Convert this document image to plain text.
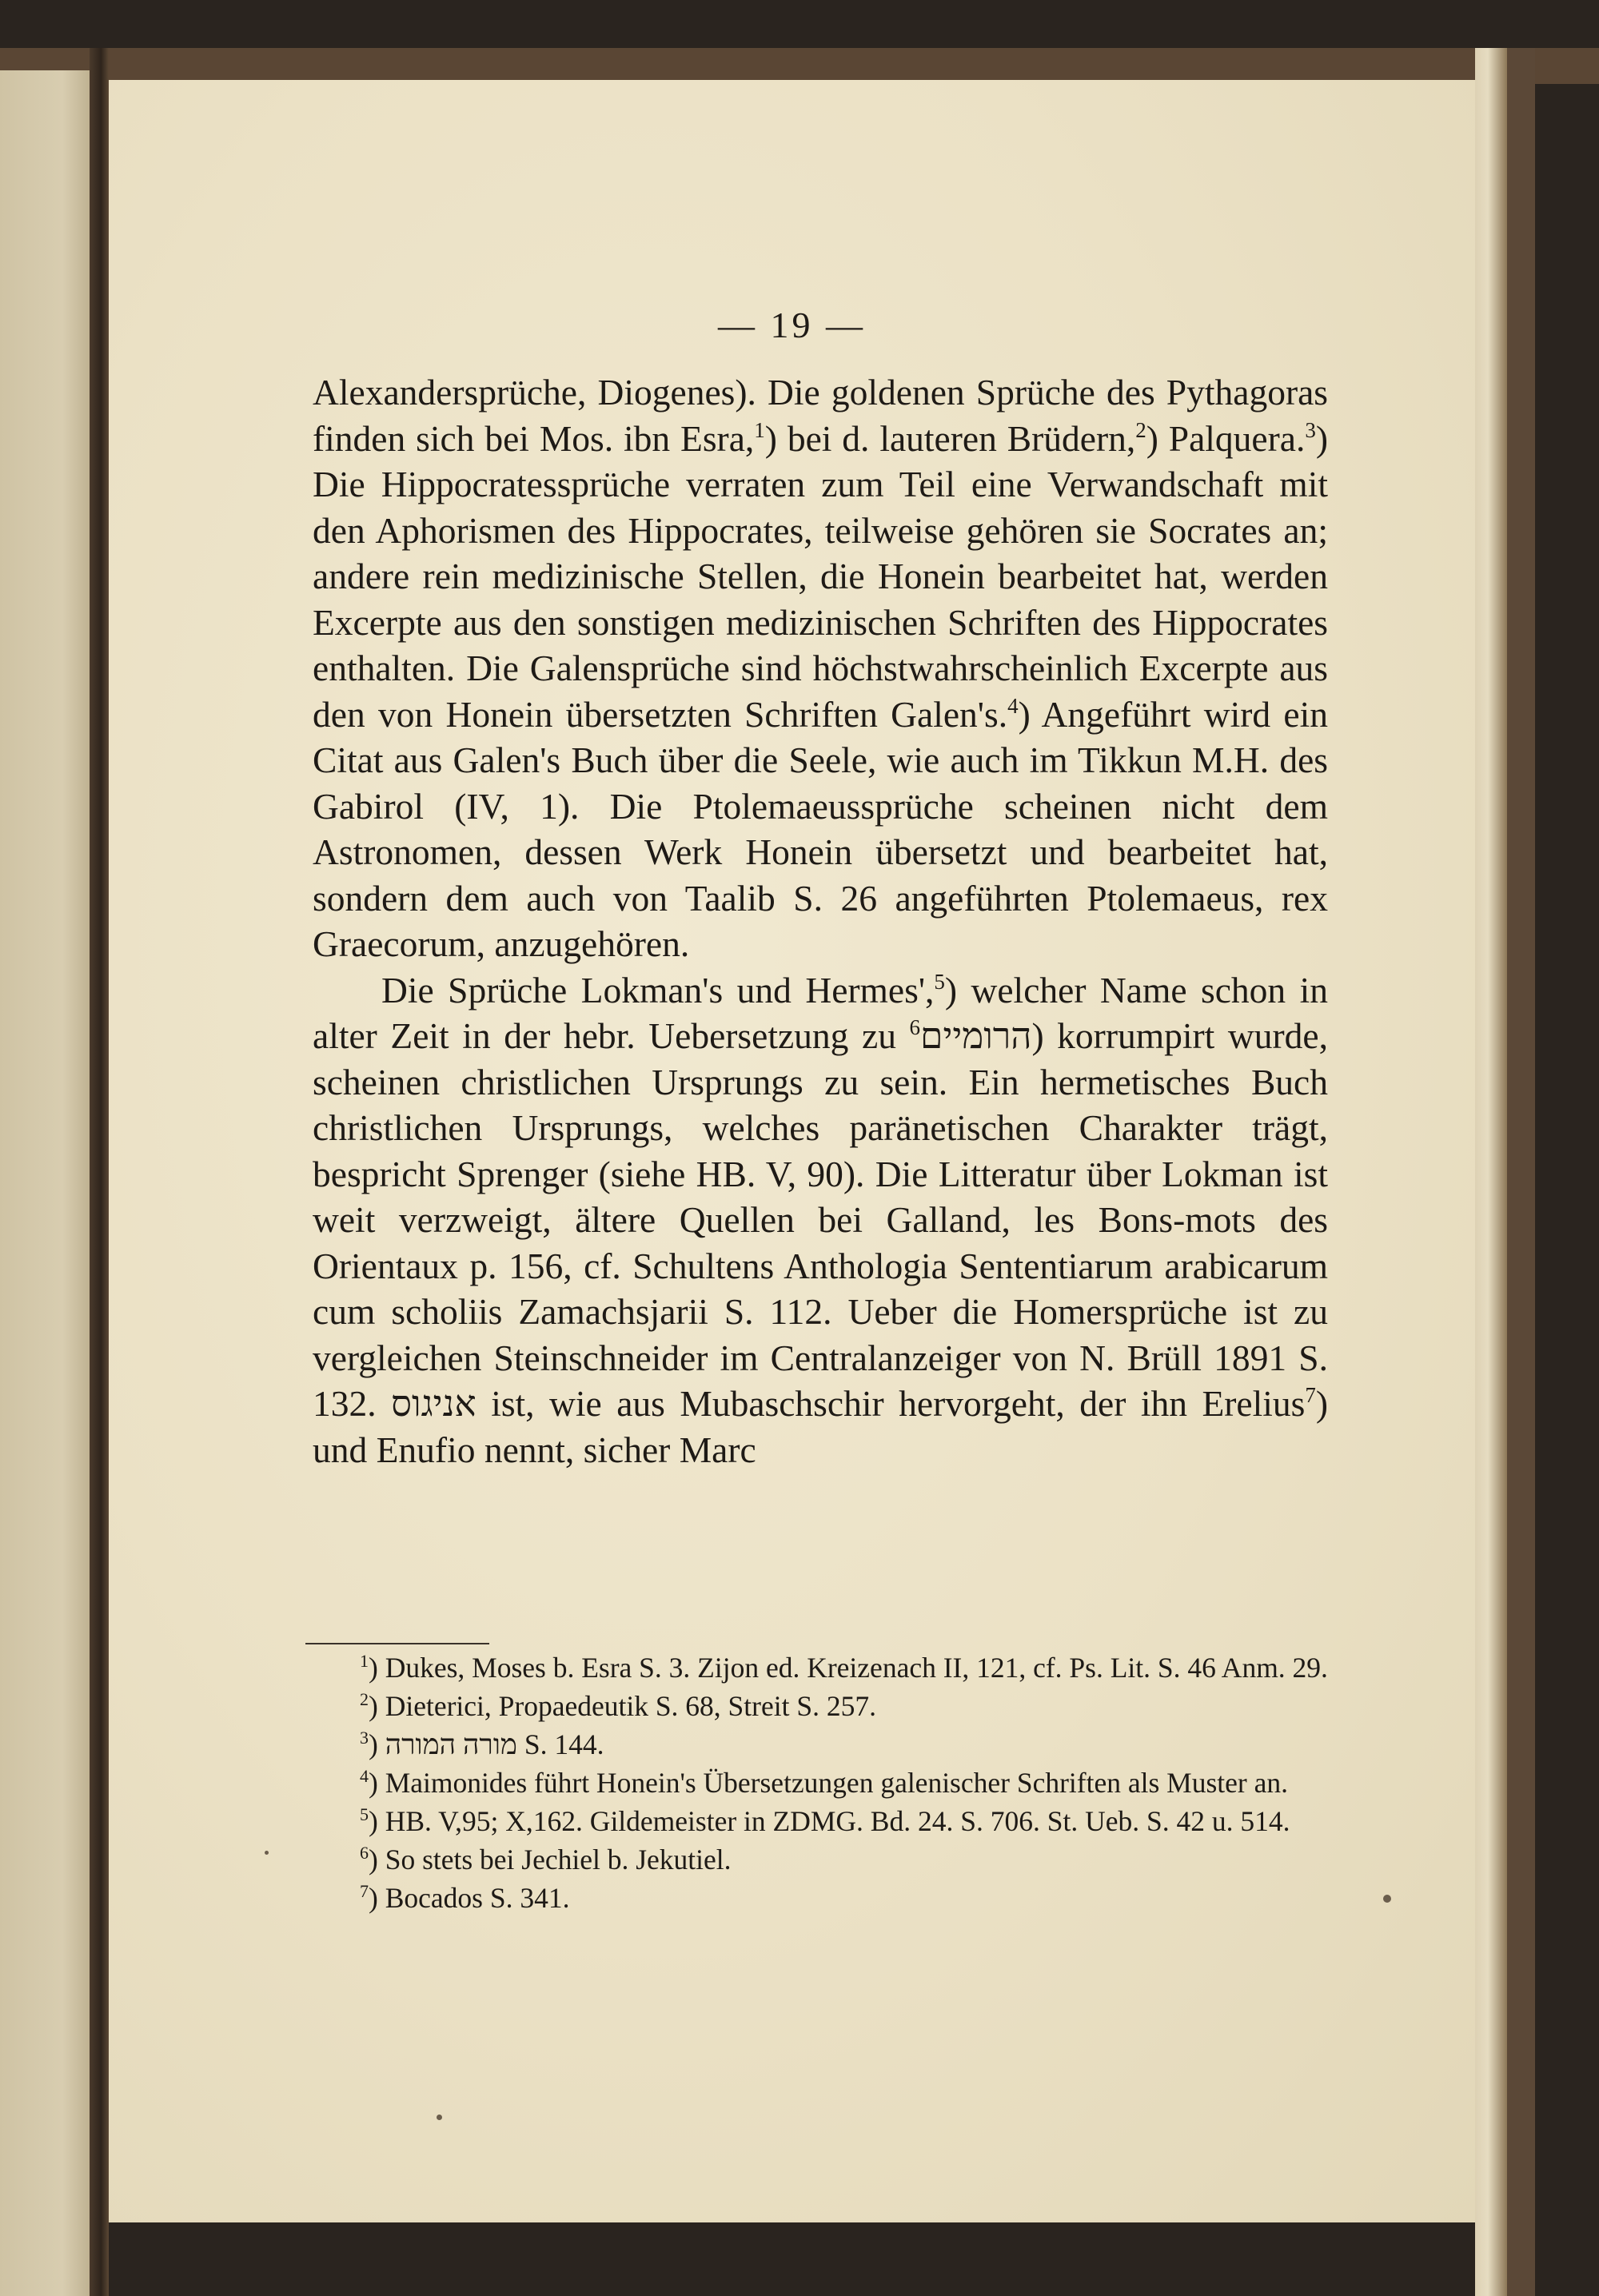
— 19 —

Alexandersprüche, Diogenes). Die goldenen Sprüche des Pythagoras finden sich bei Mos. ibn Esra,$^1$) bei d. lauteren Brüdern,$^2$) Palquera.$^3$) Die Hippocratessprüche verraten zum Teil eine Verwandschaft mit den Aphorismen des Hippocrates, teilweise gehören sie Socrates an; andere rein medizinische Stellen, die Honein bearbeitet hat, werden Excerpte aus den sonstigen medizinischen Schriften des Hippocrates enthalten. Die Galensprüche sind höchstwahrscheinlich Excerpte aus den von Honein übersetzten Schriften Galen's.$^4$) Angeführt wird ein Citat aus Galen's Buch über die Seele, wie auch im Tikkun M.H. des Gabirol (IV, 1). Die Ptolemaeussprüche scheinen nicht dem Astronomen, dessen Werk Honein übersetzt und bearbeitet hat, sondern dem auch von Taalib S. 26 angeführten Ptolemaeus, rex Graecorum, anzugehören.

Die Sprüche Lokman's und Hermes',$^5$) welcher Name schon in alter Zeit in der hebr. Uebersetzung zu הרומיים$^6$	) korrumpirt wurde, scheinen christlichen Ursprungs zu sein. Ein hermetisches Buch christlichen Ursprungs, welches paränetischen Charakter trägt, bespricht Sprenger (siehe HB. V, 90). Die Litteratur über Lokman ist weit verzweigt, ältere Quellen bei Galland, les Bons-mots des Orientaux p. 156, cf. Schultens Anthologia Sententiarum arabicarum cum scholiis Zamachsjarii S. 112. Ueber die Homersprüche ist zu vergleichen Steinschneider im Centralanzeiger von N. Brüll 1891 S. 132. אניגוס ist, wie aus Mubaschschir hervorgeht, der ihn Erelius$^7$) und Enufio nennt, sicher Marc

$^1$) Dukes, Moses b. Esra S. 3. Zijon ed. Kreizenach II, 121, cf. Ps. Lit. S. 46 Anm. 29.

$^2$) Dieterici, Propaedeutik S. 68, Streit S. 257.

$^3$) מורה המורה S. 144.

$^4$) Maimonides führt Honein's Übersetzungen galenischer Schriften als Muster an.

$^5$) HB. V,95; X,162. Gildemeister in ZDMG. Bd. 24. S. 706. St. Ueb. S. 42 u. 514.

$^6$) So stets bei Jechiel b. Jekutiel.

$^7$) Bocados S. 341.
